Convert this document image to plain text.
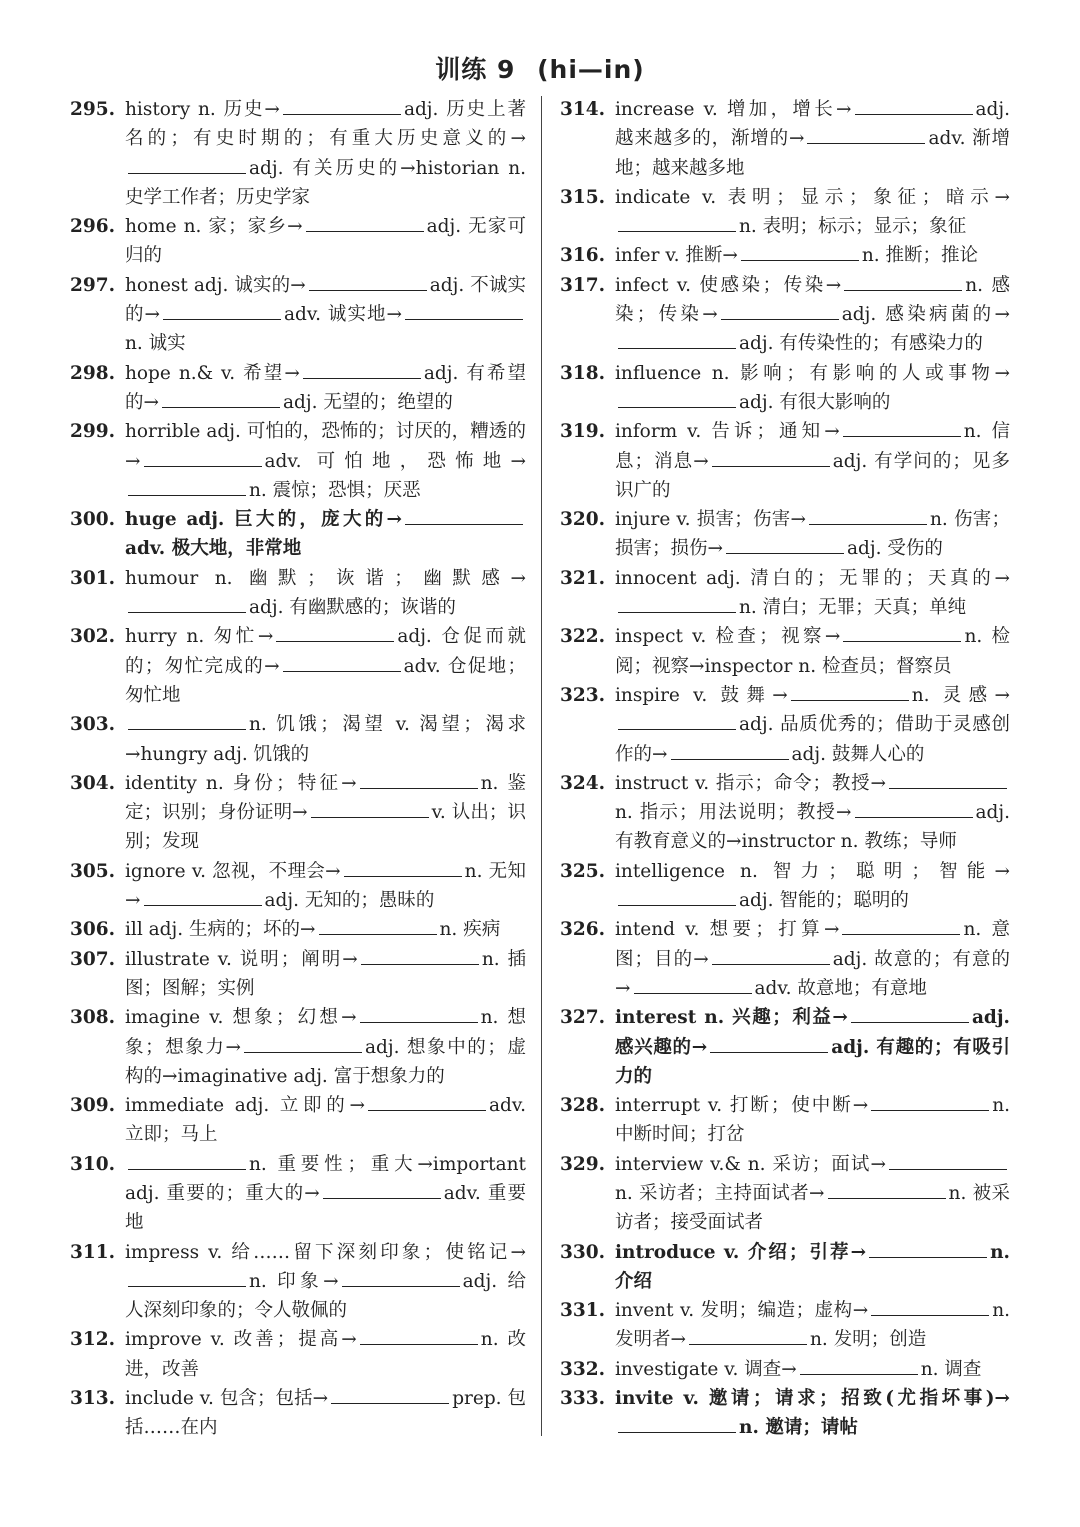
训练 9 (hi—in)
295. history n. 历史→	adj. 历史上著名的；有史时期的；有重大历史意义的→adj. 有关历史的→historian n. 史学工作者；历史学家
296. home n. 家；家乡→	adj. 无家可归的
297. honest adj. 诚实的→	adj. 不诚实的→	adv. 诚实地→n. 诚实
298. hope n.& v. 希望→	adj. 有希望的→	adj. 无望的；绝望的
299. horrible adj. 可怕的，恐怖的；讨厌的，糟透的→	adv. 可怕地，恐怖地→n. 震惊；恐惧；厌恶
300. huge adj. 巨大的，庞大的→adv. 极大地，非常地
301. humour n. 幽默；诙谐；幽默感→adj. 有幽默感的；诙谐的
302. hurry n. 匆忙→	adj. 仓促而就的；匆忙完成的→	adv. 仓促地；匆忙地
303.	n. 饥饿；渴望 v. 渴望；渴求→hungry adj. 饥饿的
304. identity n. 身份；特征→	n. 鉴定；识别；身份证明→	v. 认出；识别；发现
305. ignore v. 忽视，不理会→	n. 无知→	adj. 无知的；愚昧的
306. ill adj. 生病的；坏的→	n. 疾病
307. illustrate v. 说明；阐明→	n. 插图；图解；实例
308. imagine v. 想象；幻想→	n. 想象；想象力→	adj. 想象中的；虚构的→imaginative adj. 富于想象力的
309. immediate adj. 立即的→	adv. 立即；马上
310.	n. 重要性；重大→important adj. 重要的；重大的→	adv. 重要地
311. impress v. 给……留下深刻印象；使铭记→n. 印象→	adj. 给人深刻印象的；令人敬佩的
312. improve v. 改善；提高→	n. 改进，改善
313. include v. 包含；包括→	prep. 包括……在内
314. increase v. 增加，增长→	adj. 越来越多的，渐增的→	adv. 渐增地；越来越多地
315. indicate v. 表明；显示；象征；暗示→n. 表明；标示；显示；象征
316. infer v. 推断→	n. 推断；推论
317. infect v. 使感染；传染→	n. 感染；传染→	adj. 感染病菌的→adj. 有传染性的；有感染力的
318. influence n. 影响；有影响的人或事物→adj. 有很大影响的
319. inform v. 告诉；通知→	n. 信息；消息→	adj. 有学问的；见多识广的
320. injure v. 损害；伤害→	n. 伤害；损害；损伤→	adj. 受伤的
321. innocent adj. 清白的；无罪的；天真的→n. 清白；无罪；天真；单纯
322. inspect v. 检查；视察→	n. 检阅；视察→inspector n. 检查员；督察员
323. inspire v. 鼓舞→	n. 灵感→adj. 品质优秀的；借助于灵感创作的→	adj. 鼓舞人心的
324. instruct v. 指示；命令；教授→n. 指示；用法说明；教授→	adj. 有教育意义的→instructor n. 教练；导师
325. intelligence n. 智力；聪明；智能→adj. 智能的；聪明的
326. intend v. 想要；打算→	n. 意图；目的→	adj. 故意的；有意的→	adv. 故意地；有意地
327. interest n. 兴趣；利益→	adj. 感兴趣的→	adj. 有趣的；有吸引力的
328. interrupt v. 打断；使中断→	n. 中断时间；打岔
329. interview v.& n. 采访；面试→n. 采访者；主持面试者→	n. 被采访者；接受面试者
330. introduce v. 介绍；引荐→	n. 介绍
331. invent v. 发明；编造；虚构→	n. 发明者→	n. 发明；创造
332. investigate v. 调查→	n. 调查
333. invite v. 邀请；请求；招致(尤指坏事)→n. 邀请；请帖
